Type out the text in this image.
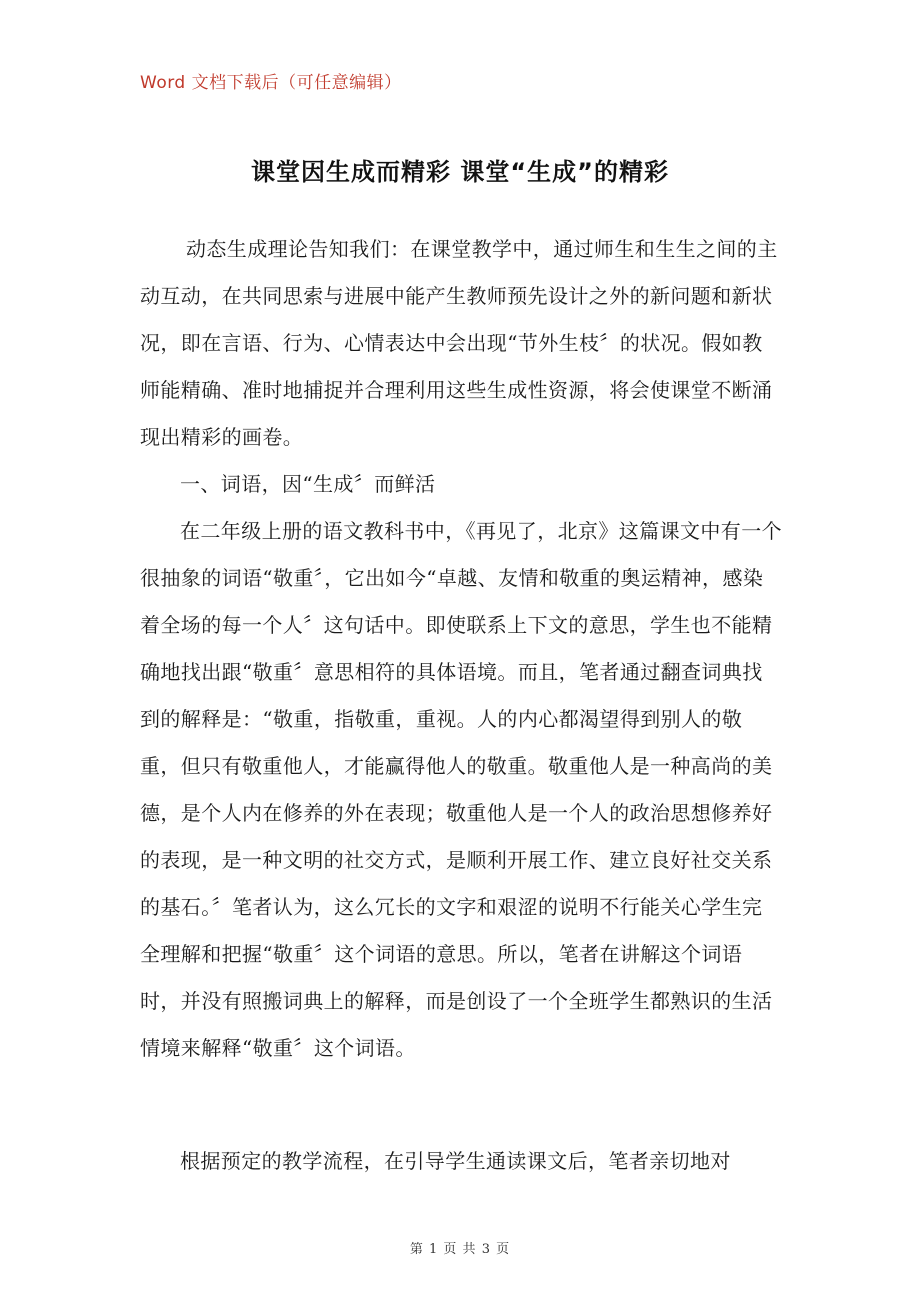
Word 文档下载后（可任意编辑）
课堂因生成而精彩 课堂“生成”的精彩

动态生成理论告知我们：在课堂教学中，通过师生和生生之间的主动互动，在共同思索与进展中能产生教师预先设计之外的新问题和新状况，即在言语、行为、心情表达中会出现“节外生枝〞的状况。假如教师能精确、准时地捕捉并合理利用这些生成性资源，将会使课堂不断涌现出精彩的画卷。

一、词语，因“生成〞而鲜活

在二年级上册的语文教科书中，《再见了，北京》这篇课文中有一个很抽象的词语“敬重〞，它出如今“卓越、友情和敬重的奥运精神，感染着全场的每一个人〞这句话中。即使联系上下文的意思，学生也不能精确地找出跟“敬重〞意思相符的具体语境。而且，笔者通过翻查词典找到的解释是：“敬重，指敬重，重视。人的内心都渴望得到别人的敬重，但只有敬重他人，才能赢得他人的敬重。敬重他人是一种高尚的美德，是个人内在修养的外在表现；敬重他人是一个人的政治思想修养好的表现，是一种文明的社交方式，是顺利开展工作、建立良好社交关系的基石。〞笔者认为，这么冗长的文字和艰涩的说明不行能关心学生完全理解和把握“敬重〞这个词语的意思。所以，笔者在讲解这个词语时，并没有照搬词典上的解释，而是创设了一个全班学生都熟识的生活情境来解释“敬重〞这个词语。

根据预定的教学流程，在引导学生通读课文后，笔者亲切地对
第 1 页 共 3 页
